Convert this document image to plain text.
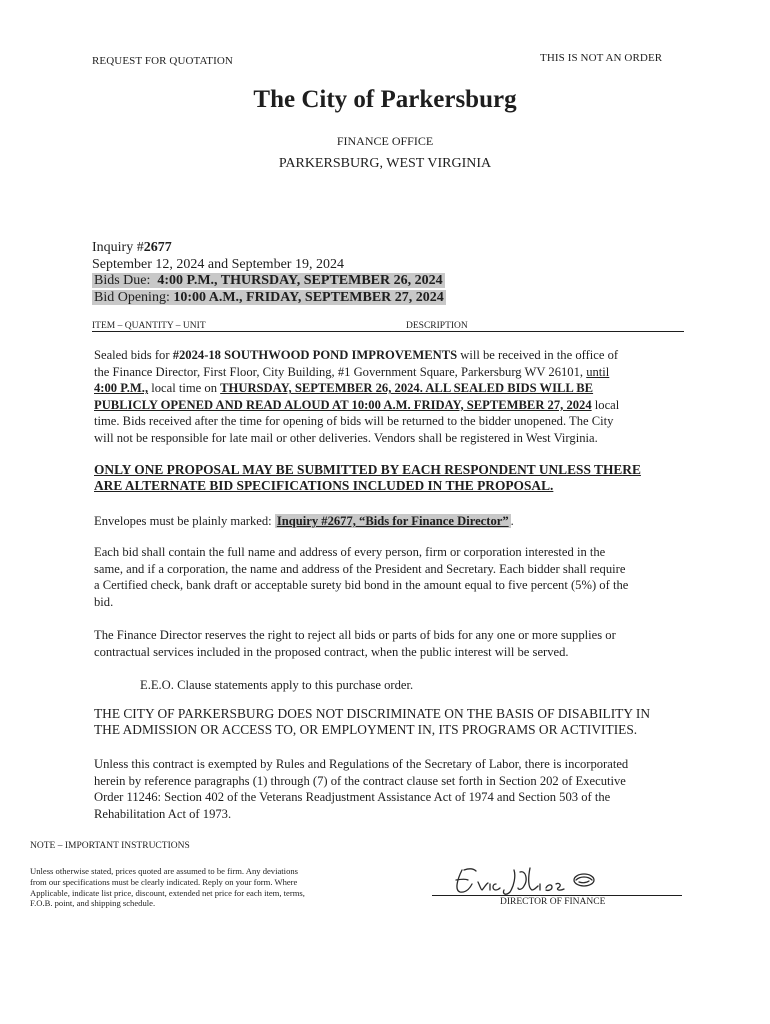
REQUEST FOR QUOTATION	THIS IS NOT AN ORDER
The City of Parkersburg
FINANCE OFFICE
PARKERSBURG, WEST VIRGINIA
Inquiry #2677
September 12, 2024 and September 19, 2024
Bids Due: 4:00 P.M., THURSDAY, SEPTEMBER 26, 2024
Bid Opening: 10:00 A.M., FRIDAY, SEPTEMBER 27, 2024
ITEM – QUANTITY – UNIT	DESCRIPTION
Sealed bids for #2024-18 SOUTHWOOD POND IMPROVEMENTS will be received in the office of
the Finance Director, First Floor, City Building, #1 Government Square, Parkersburg WV 26101, until
4:00 P.M., local time on THURSDAY, SEPTEMBER 26, 2024. ALL SEALED BIDS WILL BE
PUBLICLY OPENED AND READ ALOUD AT 10:00 A.M. FRIDAY, SEPTEMBER 27, 2024 local
time. Bids received after the time for opening of bids will be returned to the bidder unopened. The City
will not be responsible for late mail or other deliveries. Vendors shall be registered in West Virginia.
ONLY ONE PROPOSAL MAY BE SUBMITTED BY EACH RESPONDENT UNLESS THERE
ARE ALTERNATE BID SPECIFICATIONS INCLUDED IN THE PROPOSAL.
Envelopes must be plainly marked: Inquiry #2677, “Bids for Finance Director” .
Each bid shall contain the full name and address of every person, firm or corporation interested in the
same, and if a corporation, the name and address of the President and Secretary. Each bidder shall require
a Certified check, bank draft or acceptable surety bid bond in the amount equal to five percent (5%) of the
bid.
The Finance Director reserves the right to reject all bids or parts of bids for any one or more supplies or
contractual services included in the proposed contract, when the public interest will be served.
E.E.O. Clause statements apply to this purchase order.
THE CITY OF PARKERSBURG DOES NOT DISCRIMINATE ON THE BASIS OF DISABILITY IN
THE ADMISSION OR ACCESS TO, OR EMPLOYMENT IN, ITS PROGRAMS OR ACTIVITIES.
Unless this contract is exempted by Rules and Regulations of the Secretary of Labor, there is incorporated
herein by reference paragraphs (1) through (7) of the contract clause set forth in Section 202 of Executive
Order 11246: Section 402 of the Veterans Readjustment Assistance Act of 1974 and Section 503 of the
Rehabilitation Act of 1973.
NOTE – IMPORTANT INSTRUCTIONS
Unless otherwise stated, prices quoted are assumed to be firm. Any deviations
from our specifications must be clearly indicated. Reply on your form. Where
Applicable, indicate list price, discount, extended net price for each item, terms,
F.O.B. point, and shipping schedule.	DIRECTOR OF FINANCE
